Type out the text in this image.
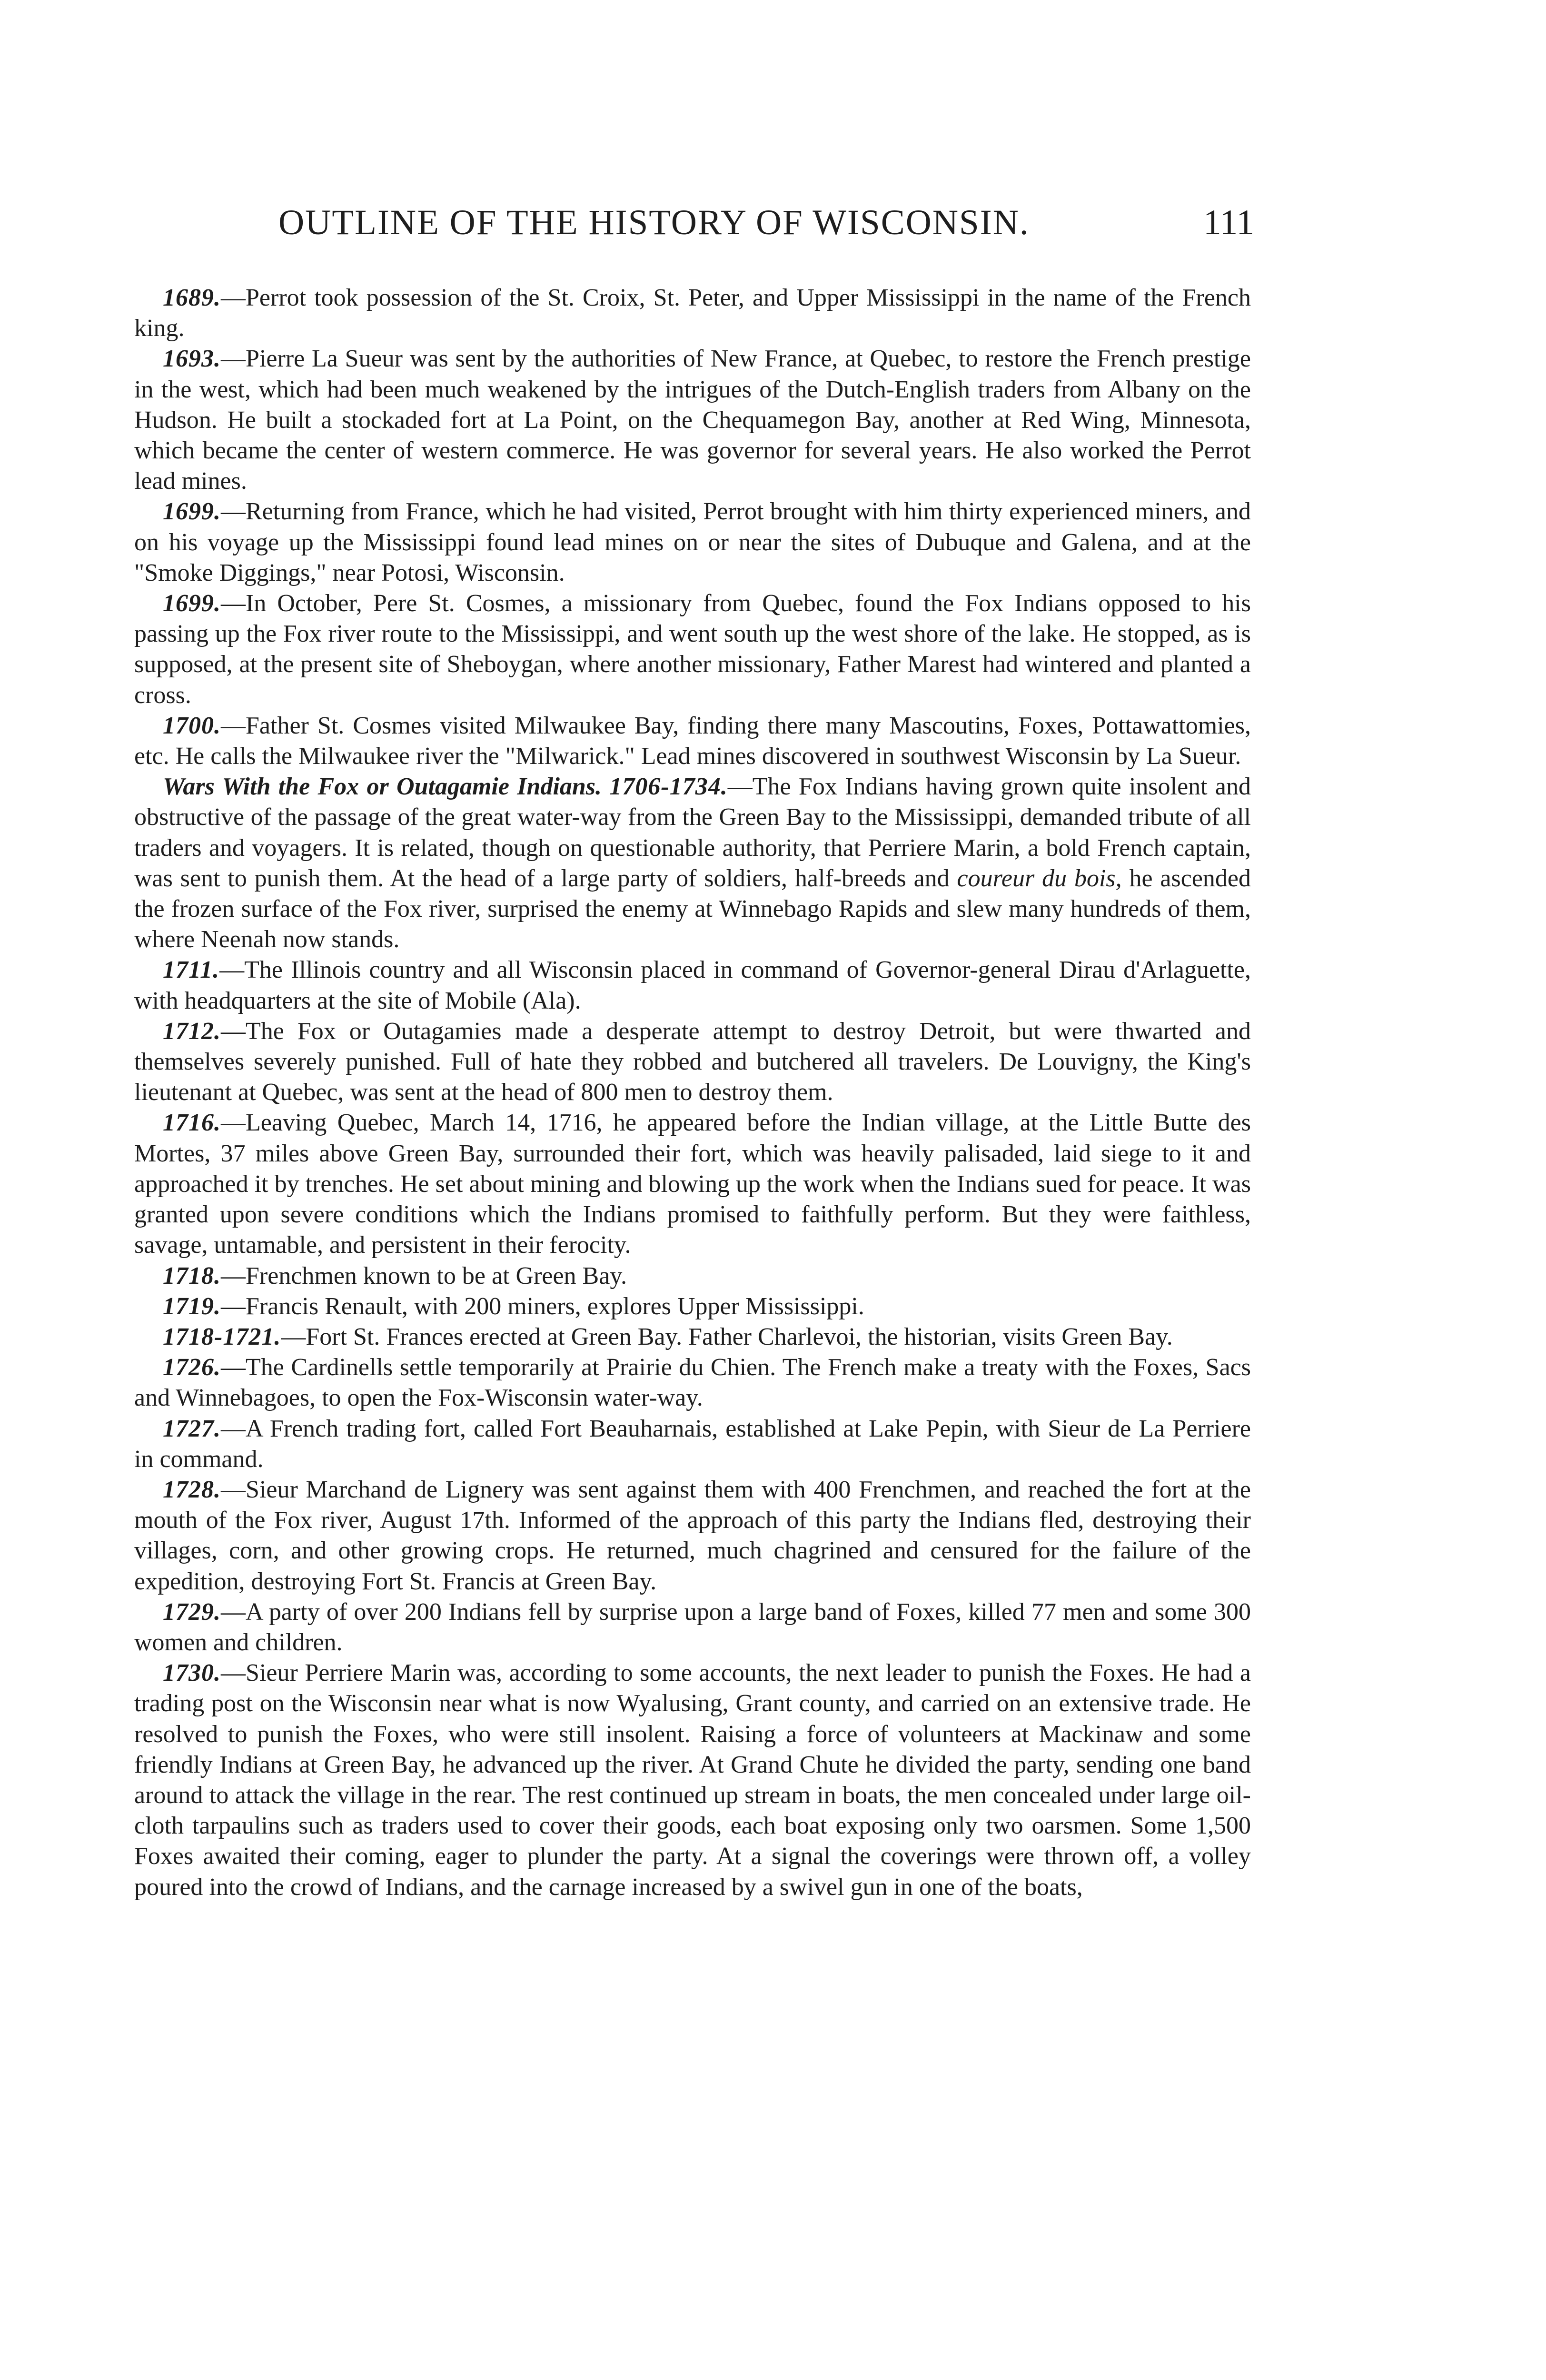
OUTLINE OF THE HISTORY OF WISCONSIN.	111

1689.—Perrot took possession of the St. Croix, St. Peter, and Upper Mississippi in the name of the French king.

1693.—Pierre La Sueur was sent by the authorities of New France, at Quebec, to restore the French prestige in the west, which had been much weakened by the intrigues of the Dutch-English traders from Albany on the Hudson. He built a stockaded fort at La Point, on the Chequamegon Bay, another at Red Wing, Minnesota, which became the center of western commerce. He was governor for several years. He also worked the Perrot lead mines.

1699.—Returning from France, which he had visited, Perrot brought with him thirty experienced miners, and on his voyage up the Mississippi found lead mines on or near the sites of Dubuque and Galena, and at the "Smoke Diggings," near Potosi, Wisconsin.

1699.—In October, Pere St. Cosmes, a missionary from Quebec, found the Fox Indians opposed to his passing up the Fox river route to the Mississippi, and went south up the west shore of the lake. He stopped, as is supposed, at the present site of Sheboygan, where another missionary, Father Marest had wintered and planted a cross.

1700.—Father St. Cosmes visited Milwaukee Bay, finding there many Mascoutins, Foxes, Pottawattomies, etc. He calls the Milwaukee river the "Milwarick." Lead mines discovered in southwest Wisconsin by La Sueur.

Wars With the Fox or Outagamie Indians. 1706-1734.—The Fox Indians having grown quite insolent and obstructive of the passage of the great water-way from the Green Bay to the Mississippi, demanded tribute of all traders and voyagers. It is related, though on questionable authority, that Perriere Marin, a bold French captain, was sent to punish them. At the head of a large party of soldiers, half-breeds and coureur du bois, he ascended the frozen surface of the Fox river, surprised the enemy at Winnebago Rapids and slew many hundreds of them, where Neenah now stands.

1711.—The Illinois country and all Wisconsin placed in command of Governor-general Dirau d'Arlaguette, with headquarters at the site of Mobile (Ala).

1712.—The Fox or Outagamies made a desperate attempt to destroy Detroit, but were thwarted and themselves severely punished. Full of hate they robbed and butchered all travelers. De Louvigny, the King's lieutenant at Quebec, was sent at the head of 800 men to destroy them.

1716.—Leaving Quebec, March 14, 1716, he appeared before the Indian village, at the Little Butte des Mortes, 37 miles above Green Bay, surrounded their fort, which was heavily palisaded, laid siege to it and approached it by trenches. He set about mining and blowing up the work when the Indians sued for peace. It was granted upon severe conditions which the Indians promised to faithfully perform. But they were faithless, savage, untamable, and persistent in their ferocity.

1718.—Frenchmen known to be at Green Bay.

1719.—Francis Renault, with 200 miners, explores Upper Mississippi.

1718-1721.—Fort St. Frances erected at Green Bay. Father Charlevoi, the historian, visits Green Bay.

1726.—The Cardinells settle temporarily at Prairie du Chien. The French make a treaty with the Foxes, Sacs and Winnebagoes, to open the Fox-Wisconsin water-way.

1727.—A French trading fort, called Fort Beauharnais, established at Lake Pepin, with Sieur de La Perriere in command.

1728.—Sieur Marchand de Lignery was sent against them with 400 Frenchmen, and reached the fort at the mouth of the Fox river, August 17th. Informed of the approach of this party the Indians fled, destroying their villages, corn, and other growing crops. He returned, much chagrined and censured for the failure of the expedition, destroying Fort St. Francis at Green Bay.

1729.—A party of over 200 Indians fell by surprise upon a large band of Foxes, killed 77 men and some 300 women and children.

1730.—Sieur Perriere Marin was, according to some accounts, the next leader to punish the Foxes. He had a trading post on the Wisconsin near what is now Wyalusing, Grant county, and carried on an extensive trade. He resolved to punish the Foxes, who were still insolent. Raising a force of volunteers at Mackinaw and some friendly Indians at Green Bay, he advanced up the river. At Grand Chute he divided the party, sending one band around to attack the village in the rear. The rest continued up stream in boats, the men concealed under large oil-cloth tarpaulins such as traders used to cover their goods, each boat exposing only two oarsmen. Some 1,500 Foxes awaited their coming, eager to plunder the party. At a signal the coverings were thrown off, a volley poured into the crowd of Indians, and the carnage increased by a swivel gun in one of the boats,
